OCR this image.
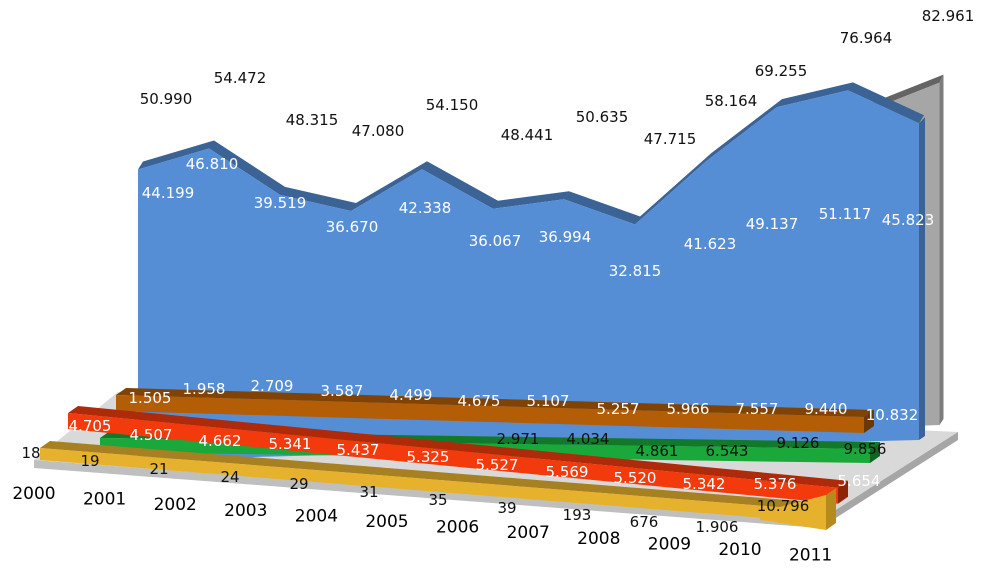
50.990
54.472
48.315
47.080
54.150
48.441
50.635
47.715
58.164
69.255
76.964
82.961
44.199
46.810
39.519
36.670
42.338
36.067 36.994
32.815
41.623
49.137
51.117 45.823
1.505 1.958 2.709 3.587 4.499 4.675 5.107 5.257 5.966 7.557 9.440 10.832
2.971 4.034
4.861 6.543 9.126 9.856
4.705 4.507 4.662 5.341 5.437 5.325 5.527 5.569 5.520 5.342 5.376	5.654
18	19	21	24	29	31	35	39	193	676 1.906
10.796
2000 2001 2002 2003 2004 2005 2006 2007 2008 2009 2010 2011
